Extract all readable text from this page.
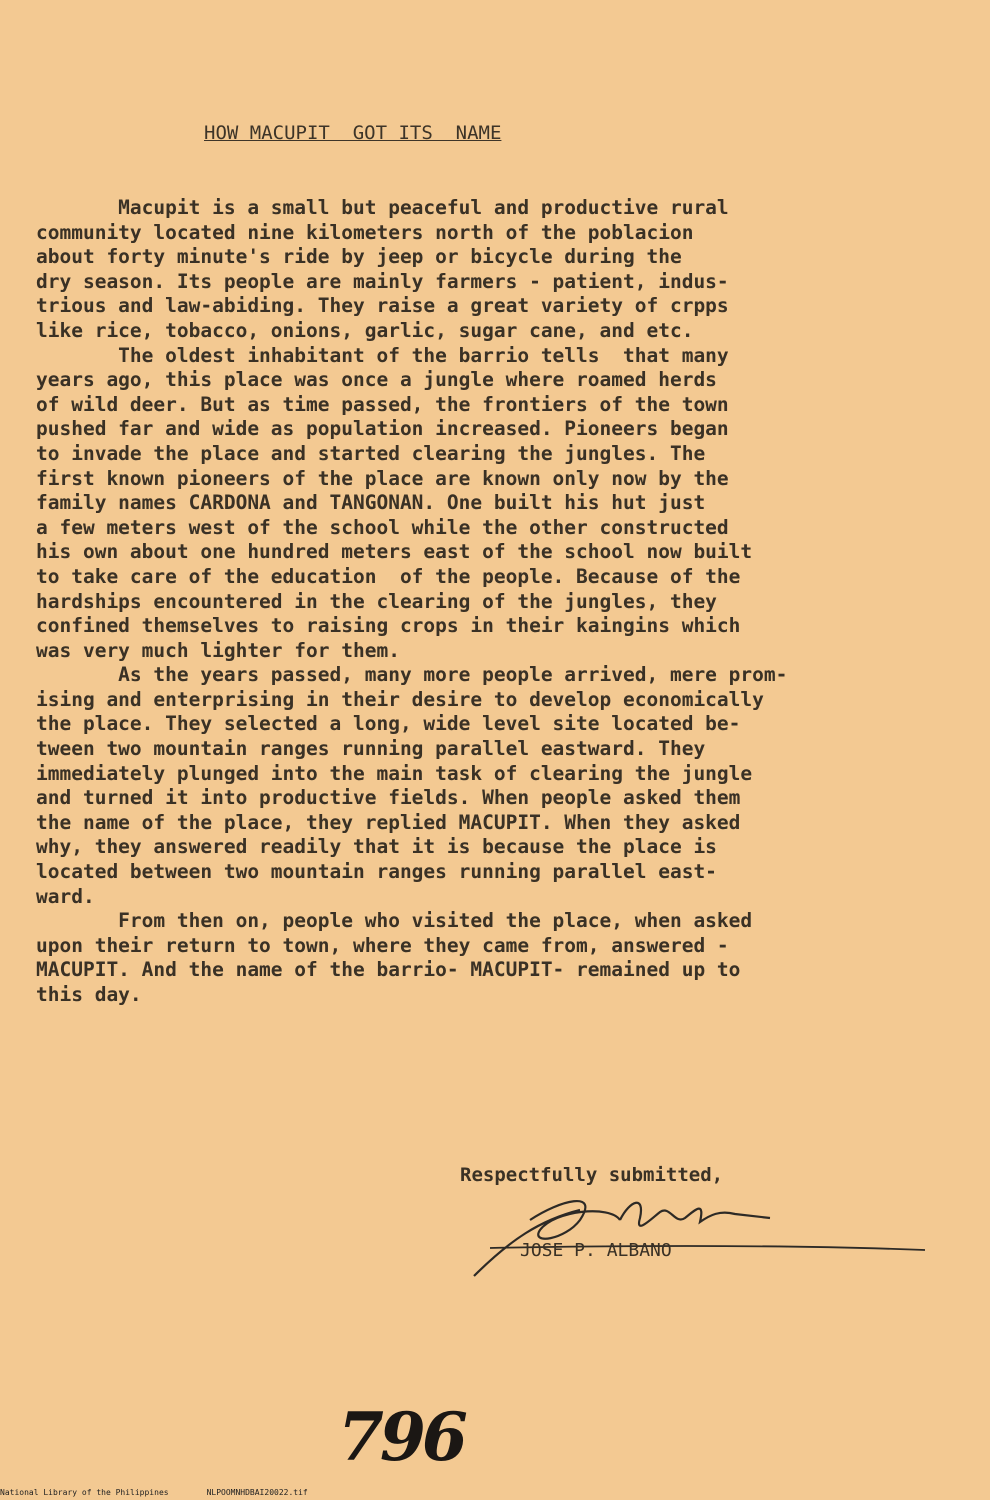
HOW MACUPIT  GOT ITS  NAME
Macupit is a small but peaceful and productive rural
community located nine kilometers north of the poblacion
about forty minute's ride by jeep or bicycle during the
dry season. Its people are mainly farmers - patient, indus-
trious and law-abiding. They raise a great variety of crpps
like rice, tobacco, onions, garlic, sugar cane, and etc.
The oldest inhabitant of the barrio tells  that many
years ago, this place was once a jungle where roamed herds
of wild deer. But as time passed, the frontiers of the town
pushed far and wide as population increased. Pioneers began
to invade the place and started clearing the jungles. The
first known pioneers of the place are known only now by the
family names CARDONA and TANGONAN. One built his hut just
a few meters west of the school while the other constructed
his own about one hundred meters east of the school now built
to take care of the education  of the people. Because of the
hardships encountered in the clearing of the jungles, they
confined themselves to raising crops in their kaingins which
was very much lighter for them.
As the years passed, many more people arrived, mere prom-
ising and enterprising in their desire to develop economically
the place. They selected a long, wide level site located be-
tween two mountain ranges running parallel eastward. They
immediately plunged into the main task of clearing the jungle
and turned it into productive fields. When people asked them
the name of the place, they replied MACUPIT. When they asked
why, they answered readily that it is because the place is
located between two mountain ranges running parallel east-
ward.
From then on, people who visited the place, when asked
upon their return to town, where they came from, answered -
MACUPIT. And the name of the barrio- MACUPIT- remained up to
this day.
Respectfully submitted,
JOSE P. ALBANO
796
National Library of the Philippines	NLPOOMNHDBAI20022.tif
